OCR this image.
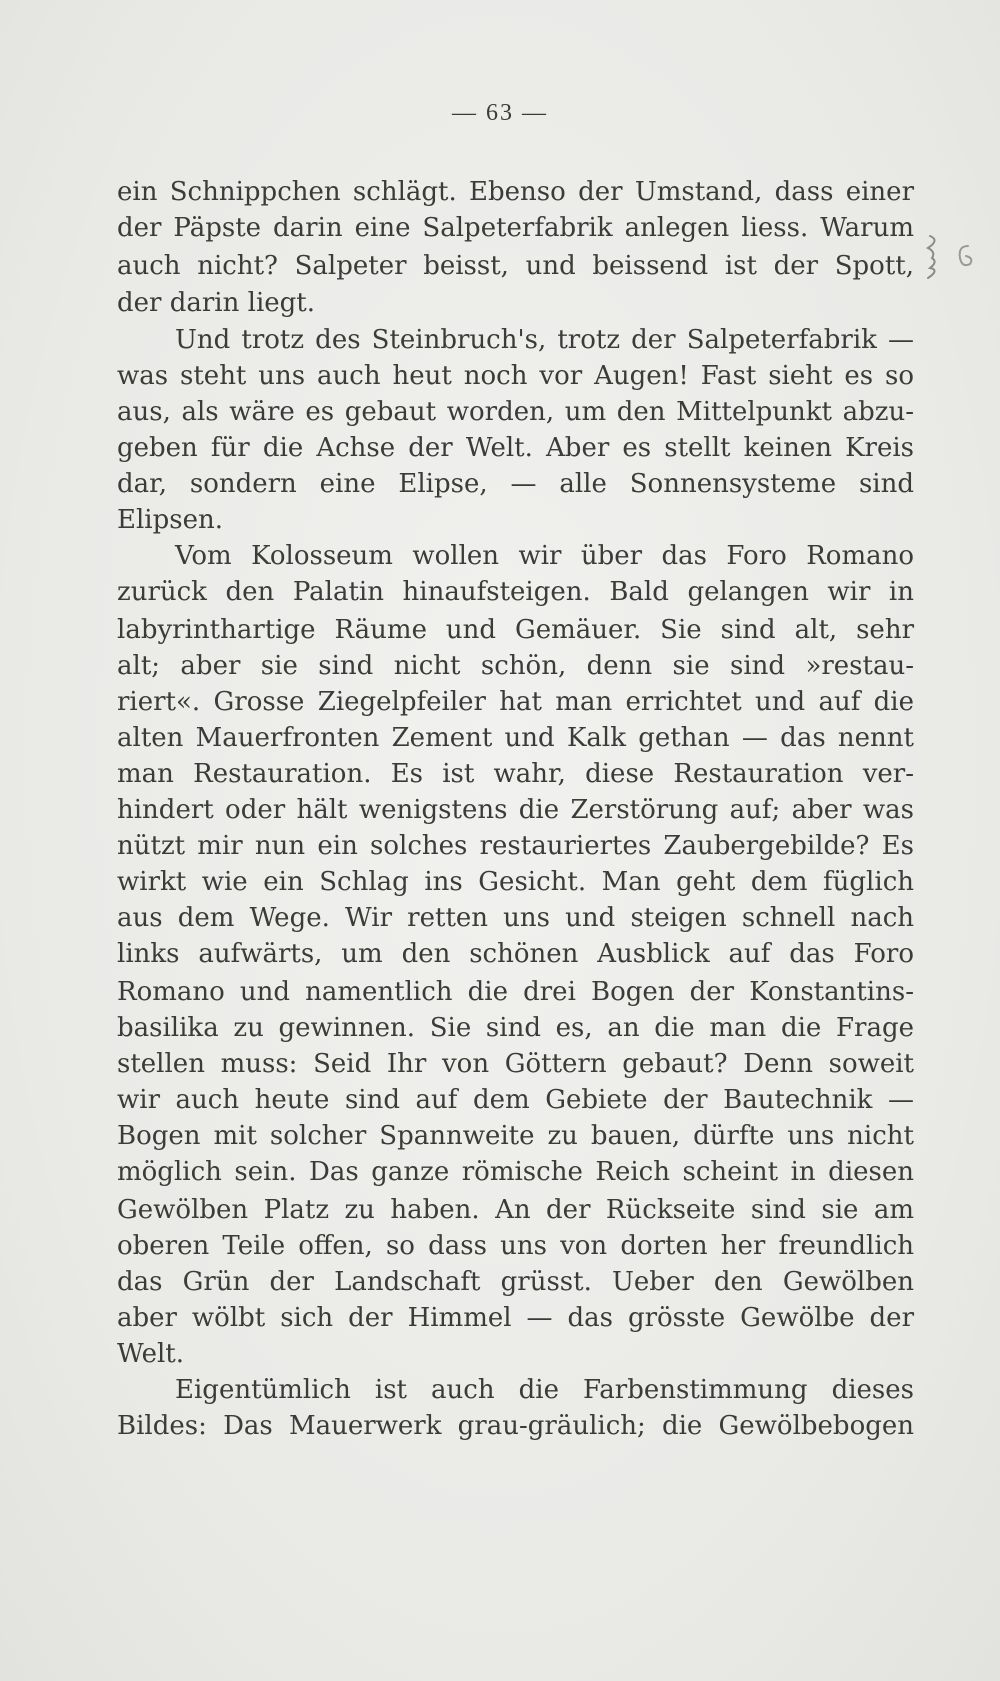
— 63 —
ein Schnippchen schlägt. Ebenso der Umstand, dass einer
der Päpste darin eine Salpeterfabrik anlegen liess. Warum
auch nicht? Salpeter beisst, und beissend ist der Spott,
der darin liegt.
Und trotz des Steinbruch's, trotz der Salpeterfabrik —
was steht uns auch heut noch vor Augen! Fast sieht es so
aus, als wäre es gebaut worden, um den Mittelpunkt abzu-
geben für die Achse der Welt. Aber es stellt keinen Kreis
dar, sondern eine Elipse, — alle Sonnensysteme sind
Elipsen.
Vom Kolosseum wollen wir über das Foro Romano
zurück den Palatin hinaufsteigen. Bald gelangen wir in
labyrinthartige Räume und Gemäuer. Sie sind alt, sehr
alt; aber sie sind nicht schön, denn sie sind »restau-
riert«. Grosse Ziegelpfeiler hat man errichtet und auf die
alten Mauerfronten Zement und Kalk gethan — das nennt
man Restauration. Es ist wahr, diese Restauration ver-
hindert oder hält wenigstens die Zerstörung auf; aber was
nützt mir nun ein solches restauriertes Zaubergebilde? Es
wirkt wie ein Schlag ins Gesicht. Man geht dem füglich
aus dem Wege. Wir retten uns und steigen schnell nach
links aufwärts, um den schönen Ausblick auf das Foro
Romano und namentlich die drei Bogen der Konstantins-
basilika zu gewinnen. Sie sind es, an die man die Frage
stellen muss: Seid Ihr von Göttern gebaut? Denn soweit
wir auch heute sind auf dem Gebiete der Bautechnik —
Bogen mit solcher Spannweite zu bauen, dürfte uns nicht
möglich sein. Das ganze römische Reich scheint in diesen
Gewölben Platz zu haben. An der Rückseite sind sie am
oberen Teile offen, so dass uns von dorten her freundlich
das Grün der Landschaft grüsst. Ueber den Gewölben
aber wölbt sich der Himmel — das grösste Gewölbe der
Welt.
Eigentümlich ist auch die Farbenstimmung dieses
Bildes: Das Mauerwerk grau-gräulich; die Gewölbebogen
